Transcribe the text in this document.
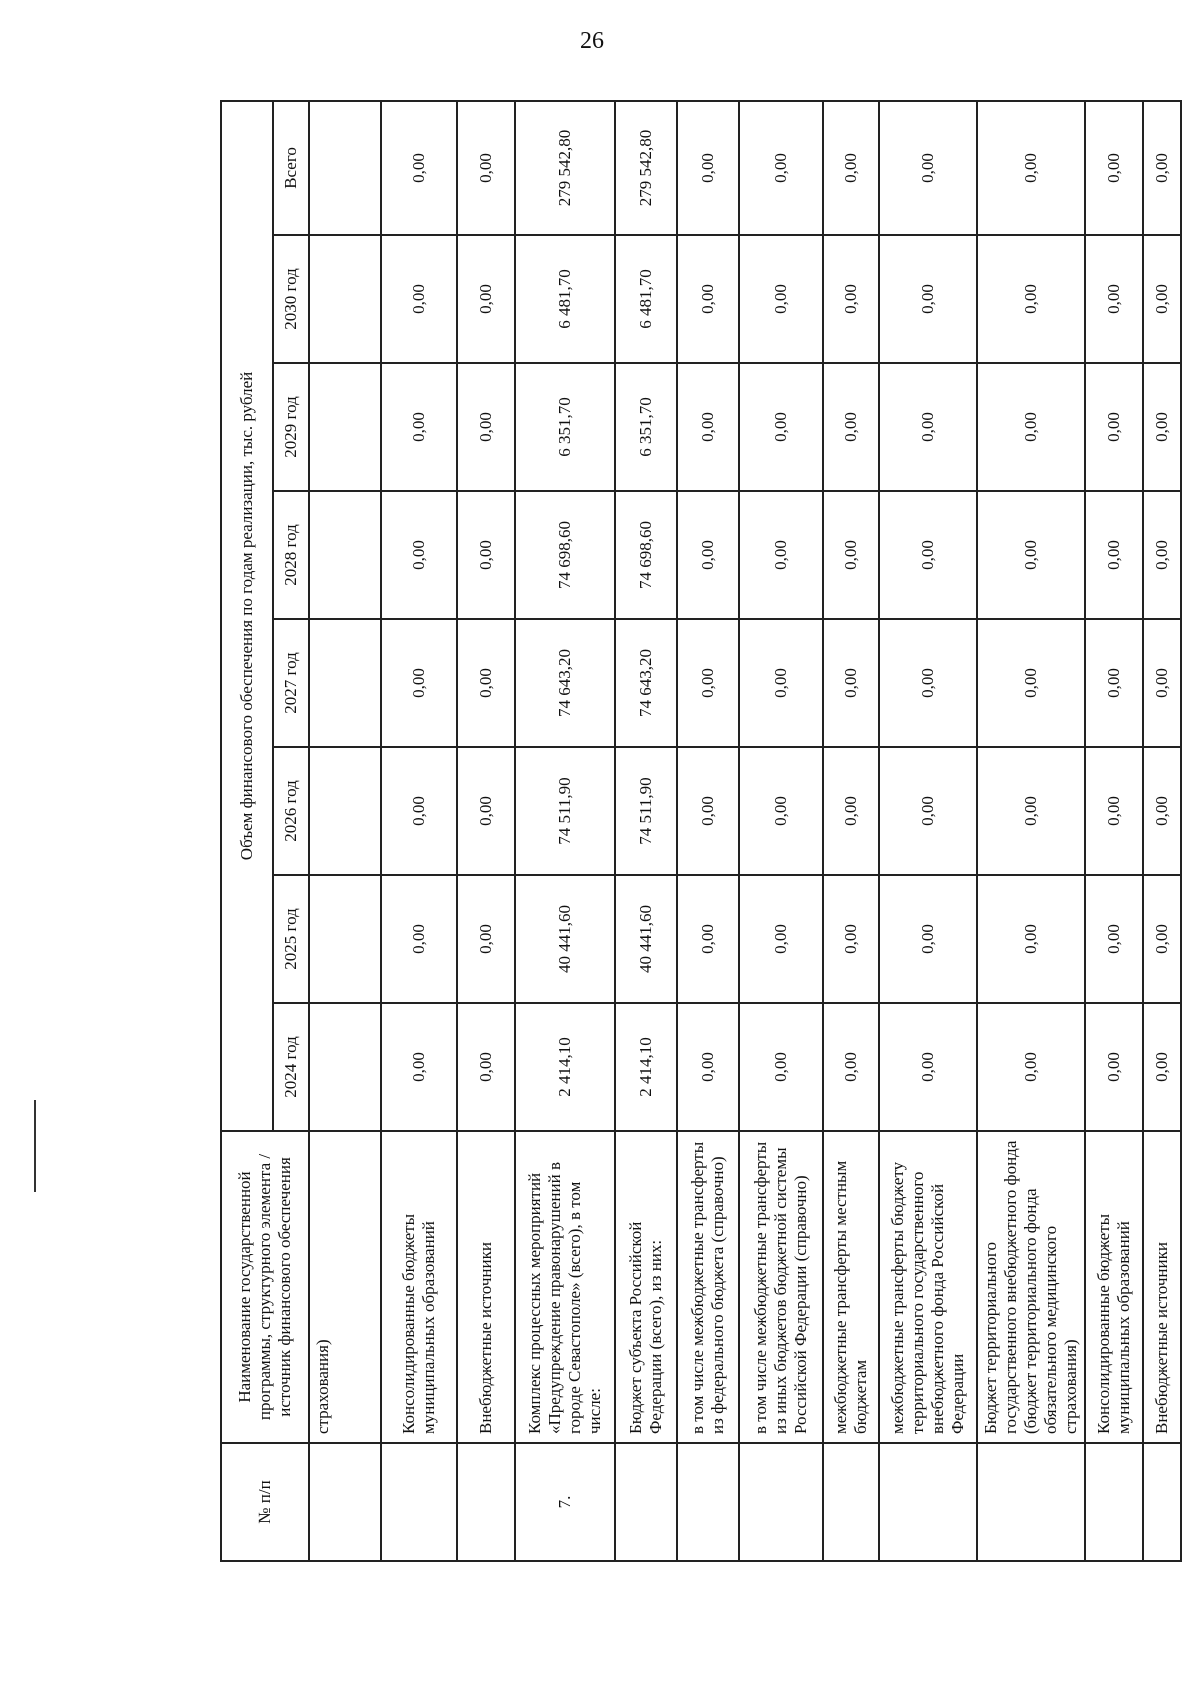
26
№ п/п	Наименование государственной программы, структурного элемента / источник финансового обеспечения	Объем финансового обеспечения по годам реализации, тыс. рублей							
		2024 год	2025 год	2026 год	2027 год	2028 год	2029 год	2030 год	Всего
	страхования)								
	Консолидированные бюджеты муниципальных образований	0,00	0,00	0,00	0,00	0,00	0,00	0,00	0,00
	Внебюджетные источники	0,00	0,00	0,00	0,00	0,00	0,00	0,00	0,00
7.	Комплекс процессных мероприятий «Предупреждение правонарушений в городе Севастополе» (всего), в том числе:	2 414,10	40 441,60	74 511,90	74 643,20	74 698,60	6 351,70	6 481,70	279 542,80
	Бюджет субъекта Российской Федерации (всего), из них:	2 414,10	40 441,60	74 511,90	74 643,20	74 698,60	6 351,70	6 481,70	279 542,80
	в том числе межбюджетные трансферты из федерального бюджета (справочно)	0,00	0,00	0,00	0,00	0,00	0,00	0,00	0,00
	в том числе межбюджетные трансферты из иных бюджетов бюджетной системы Российской Федерации (справочно)	0,00	0,00	0,00	0,00	0,00	0,00	0,00	0,00
	межбюджетные трансферты местным бюджетам	0,00	0,00	0,00	0,00	0,00	0,00	0,00	0,00
	межбюджетные трансферты бюджету территориального государственного внебюджетного фонда Российской Федерации	0,00	0,00	0,00	0,00	0,00	0,00	0,00	0,00
	Бюджет территориального государственного внебюджетного фонда (бюджет территориального фонда обязательного медицинского страхования)	0,00	0,00	0,00	0,00	0,00	0,00	0,00	0,00
	Консолидированные бюджеты муниципальных образований	0,00	0,00	0,00	0,00	0,00	0,00	0,00	0,00
	Внебюджетные источники	0,00	0,00	0,00	0,00	0,00	0,00	0,00	0,00
